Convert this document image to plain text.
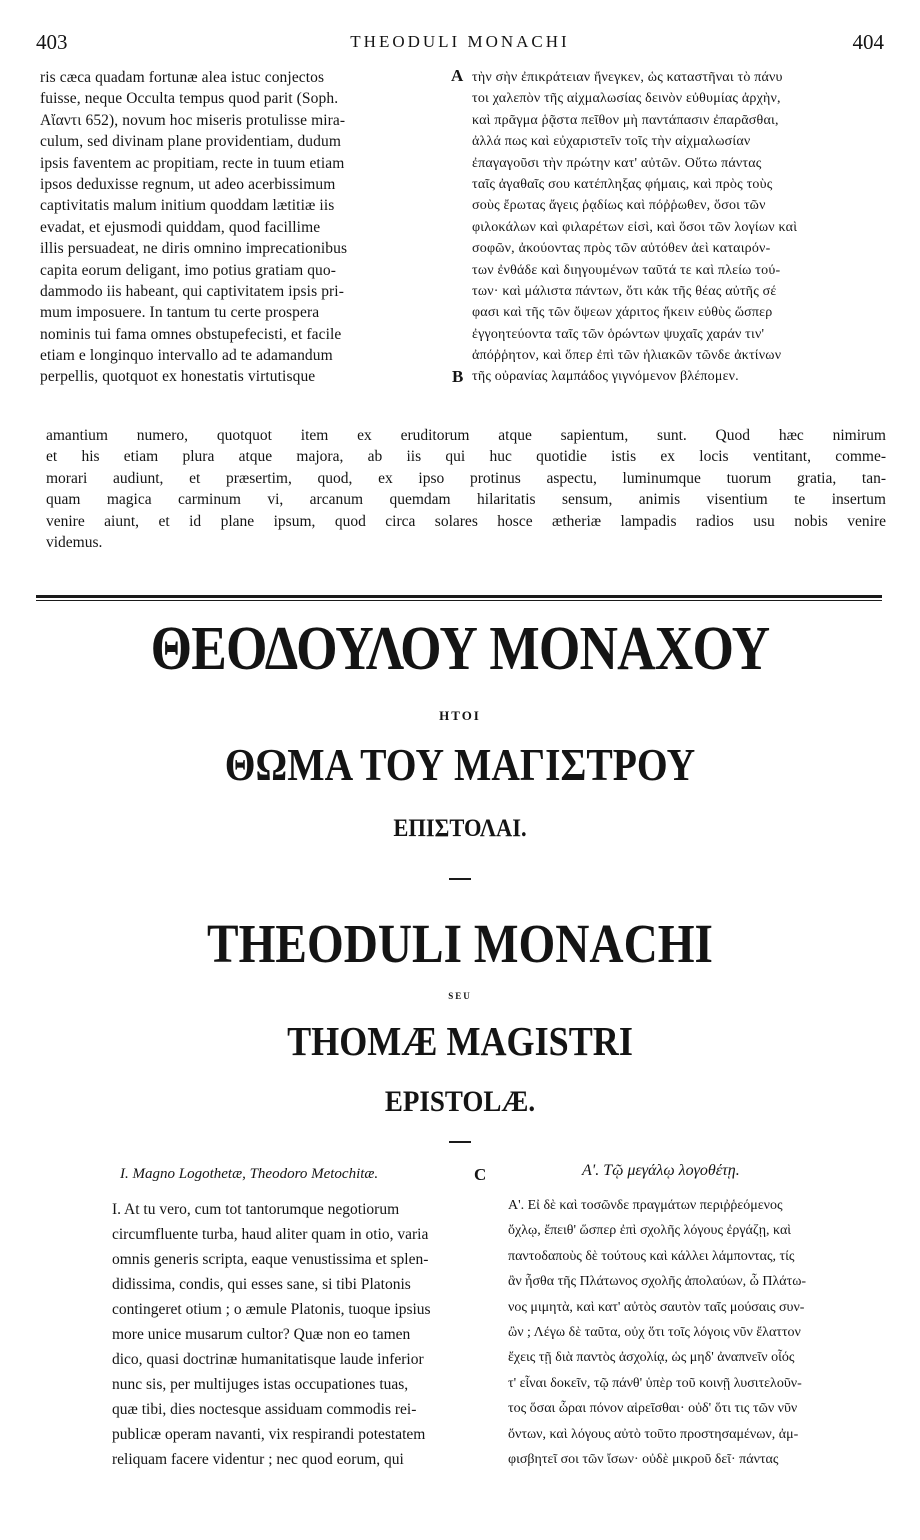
403	THEODULI MONACHI	404
ris cæca quadam fortunæ alea istuc conjectos
fuisse, neque Occulta tempus quod parit (Soph.
Αἴαντι 652), novum hoc miseris protulisse mira-
culum, sed divinam plane providentiam, dudum
ipsis faventem ac propitiam, recte in tuum etiam
ipsos deduxisse regnum, ut adeo acerbissimum
captivitatis malum initium quoddam lætitiæ iis
evadat, et ejusmodi quiddam, quod facillime
illis persuadeat, ne diris omnino imprecationibus
capita eorum deligant, imo potius gratiam quo-
dammodo iis habeant, qui captivitatem ipsis pri-
mum imposuere. In tantum tu certe prospera
nominis tui fama omnes obstupefecisti, et facile
etiam e longinquo intervallo ad te adamandum
perpellis, quotquot ex honestatis virtutisque
A
B
τὴν σὴν ἐπικράτειαν ἤνεγκεν, ὡς καταστῆναι τὸ πάνυ
τοι χαλεπὸν τῆς αἰχμαλωσίας δεινὸν εὐθυμίας ἀρχὴν,
καὶ πρᾶγμα ῥᾷστα πεῖθον μὴ παντάπασιν ἐπαρᾶσθαι,
ἀλλά πως καὶ εὐχαριστεῖν τοῖς τὴν αἰχμαλωσίαν
ἐπαγαγοῦσι τὴν πρώτην κατ' αὐτῶν. Οὕτω πάντας
ταῖς ἀγαθαῖς σου κατέπληξας φήμαις, καὶ πρὸς τοὺς
σοὺς ἔρωτας ἄγεις ῥᾳδίως καὶ πόῤῥωθεν, ὅσοι τῶν
φιλοκάλων καὶ φιλαρέτων εἰσὶ, καὶ ὅσοι τῶν λογίων καὶ
σοφῶν, ἀκούοντας πρὸς τῶν αὐτόθεν ἀεὶ καταιρόν-
των ἐνθάδε καὶ διηγουμένων ταῦτά τε καὶ πλείω τού-
των· καὶ μάλιστα πάντων, ὅτι κἀκ τῆς θέας αὐτῆς σέ
φασι καὶ τῆς τῶν ὄψεων χάριτος ἥκειν εὐθὺς ὥσπερ
ἐγγοητεύοντα ταῖς τῶν ὁρώντων ψυχαῖς χαράν τιν'
ἀπόῤῥητον, καὶ ὅπερ ἐπὶ τῶν ἡλιακῶν τῶνδε ἀκτίνων
τῆς οὐρανίας λαμπάδος γιγνόμενον βλέπομεν.
amantium numero, quotquot item ex eruditorum atque sapientum, sunt. Quod hæc nimirum
et his etiam plura atque majora, ab iis qui huc quotidie istis ex locis ventitant, comme-
morari audiunt, et præsertim, quod, ex ipso protinus aspectu, luminumque tuorum gratia, tan-
quam magica carminum vi, arcanum quemdam hilaritatis sensum, animis visentium te insertum
venire aiunt, et id plane ipsum, quod circa solares hosce ætheriæ lampadis radios usu nobis venire
videmus.
ΘΕΟΔΟΥΛΟΥ ΜΟΝΑΧΟΥ
ΗΤΟΙ
ΘΩΜΑ ΤΟΥ ΜΑΓΙΣΤΡΟΥ
ΕΠΙΣΤΟΛΑΙ.
THEODULI MONACHI
SEU
THOMÆ MAGISTRI
EPISTOLÆ.
I. Magno Logothetæ, Theodoro Metochitæ.	C	Α'. Τῷ μεγάλῳ λογοθέτῃ.
I. At tu vero, cum tot tantorumque negotiorum
circumfluente turba, haud aliter quam in otio, varia
omnis generis scripta, eaque venustissima et splen-
didissima, condis, qui esses sane, si tibi Platonis
contingeret otium ; o æmule Platonis, tuoque ipsius
more unice musarum cultor? Quæ non eo tamen
dico, quasi doctrinæ humanitatisque laude inferior
nunc sis, per multijuges istas occupationes tuas,
quæ tibi, dies noctesque assiduam commodis rei-
publicæ operam navanti, vix respirandi potestatem
reliquam facere videntur ; nec quod eorum, qui
Α'. Εἰ δὲ καὶ τοσῶνδε πραγμάτων περιῤῥεόμενος
ὄχλῳ, ἔπειθ' ὥσπερ ἐπὶ σχολῆς λόγους ἐργάζῃ, καὶ
παντοδαποὺς δὲ τούτους καὶ κάλλει λάμποντας, τίς
ἂν ἦσθα τῆς Πλάτωνος σχολῆς ἀπολαύων, ὦ Πλάτω-
νος μιμητὰ, καὶ κατ' αὐτὸς σαυτὸν ταῖς μούσαις συν-
ὢν ; Λέγω δὲ ταῦτα, οὐχ ὅτι τοῖς λόγοις νῦν ἔλαττον
ἔχεις τῇ διὰ παντὸς ἀσχολίᾳ, ὡς μηδ' ἀναπνεῖν οἷός
τ' εἶναι δοκεῖν, τῷ πάνθ' ὑπὲρ τοῦ κοινῇ λυσιτελοῦν-
τος ὅσαι ὧραι πόνον αἱρεῖσθαι· οὐδ' ὅτι τις τῶν νῦν
ὄντων, καὶ λόγους αὐτὸ τοῦτο προστησαμένων, ἀμ-
φισβητεῖ σοι τῶν ἴσων· οὐδὲ μικροῦ δεῖ· πάντας
